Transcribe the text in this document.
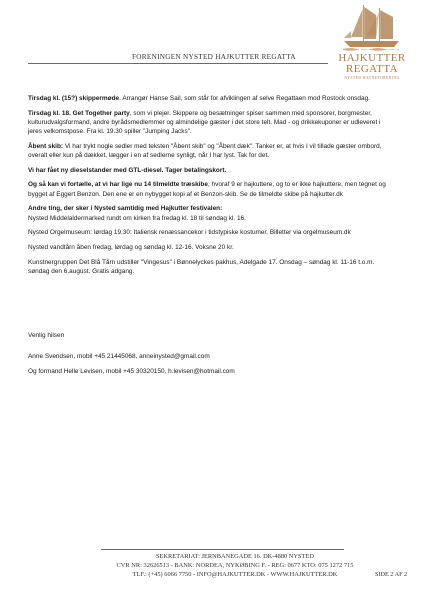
FORENINGEN NYSTED HAJKUTTER REGATTA	HAJKUTTER
REGATTA
NYSTED HAVNEFORENING

Tirsdag kl. (15?) skippermøde. Arrangør Hanse Sail, som står for afviklingen af selve Regattaen mod Rostock onsdag.

Tirsdag kl. 18. Get Together party, som vi plejer. Skippere og besætninger spiser sammen med sponsorer, borgmester, kulturudvalgsformand, andre byrådsmedlemmer og almindelige gæster i det store telt. Mad - og drikkekuponer er udleveret i jeres velkomstpose. Fra kl. 19.30 spiller "Jumping Jacks".

Åbent skib: Vi har trykt nogle sedler med teksten "Åbent skib" og "Åbent dæk". Tanker er, at hvis I vil tillade gæster ombord, overalt eller kun på dækket, lægger i en af sedlerne synligt, når I har lyst. Tak for det.

Vi har fået ny dieselstander med GTL-diesel. Tager betalingskort.

Og så kan vi fortælle, at vi har lige nu 14 tilmeldte træskibe, hvoraf 9 er hajkuttere, og to er ikke hajkuttere, men tegnet og bygget af Eggert Benzon. Den ene er en nybygget kopi af et Benzon-skib. Se de tilmeldte skibe på hajkutter.dk

Andre ting, der sker i Nysted samtidig med Hajkutter festivalen:
Nysted Middelaldermarked rundt om kirken fra fredag kl. 18 til søndag kl. 16.

Nysted Orgelmuseum: lørdag 19.30: Italiensk renæssancekor i tidstypiske kostumer. Billetter via orgelmuseum.dk

Nysted vandtårn åben fredag, lørdag og søndag kl. 12-16. Voksne 20 kr.

Kunstnergruppen Det Blå Tårn udstiller "Vingesus" i Bønnelyckes pakhus, Adelgade 17. Onsdag – søndag kl. 11-16 t.o.m. søndag den 6.august. Gratis adgang.

Venlig hilsen

Anne Svendsen, mobil +45 21445068, anneinysted@gmail.com

Og formand Helle Levisen, mobil +45 30320150, h.levisen@hotmail.com

SEKRETARIAT: JERNBANEGADE 16. DK-4880 NYSTED
CVR NR: 32626513 - BANK: NORDEA, NYKØBING F. - REG: 0677 KTO: 075 1272 715
TLF.: (+45) 6066 7750 - INFO@HAJKUTTER.DK - WWW.HAJKUTTER.DK	SIDE 2 AF 2
